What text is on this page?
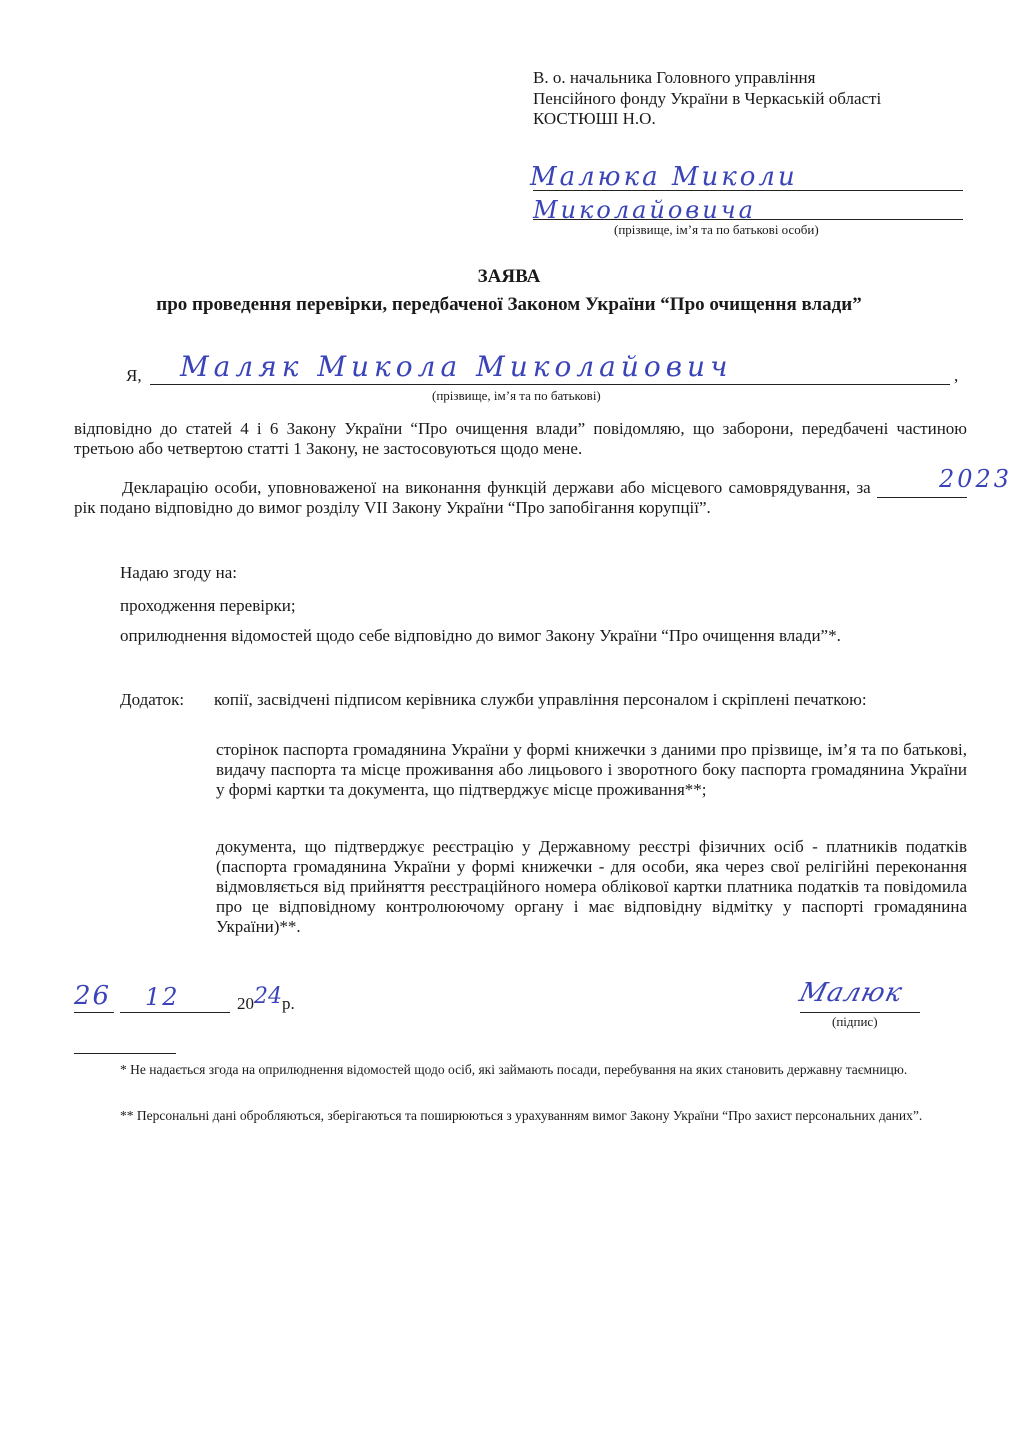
В. о. начальника Головного управління
Пенсійного фонду України в Черкаській області
КОСТЮШІ Н.О.
Малюка Миколи
Миколайовича
(прізвище, ім’я та по батькові особи)
ЗАЯВА
про проведення перевірки, передбаченої Законом України “Про очищення влади”
Я, Маляк Микола Миколайович	,
(прізвище, ім’я та по батькові)
відповідно до статей 4 і 6 Закону України “Про очищення влади” повідомляю, що заборони, передбачені частиною третьою або четвертою статті 1 Закону, не застосовуються щодо мене.
Декларацію особи, уповноваженої на виконання функцій держави або місцевого самоврядування, за	2023
рік подано відповідно до вимог розділу VII Закону України “Про запобігання корупції”.
Надаю згоду на:
проходження перевірки;
оприлюднення відомостей щодо себе відповідно до вимог Закону України “Про очищення влади”*.
Додаток: копії, засвідчені підписом керівника служби управління персоналом і скріплені печаткою:
сторінок паспорта громадянина України у формі книжечки з даними про прізвище, ім’я та по батькові, видачу паспорта та місце проживання або лицьового і зворотного боку паспорта громадянина України у формі картки та документа, що підтверджує місце проживання**;
документа, що підтверджує реєстрацію у Державному реєстрі фізичних осіб - платників податків (паспорта громадянина України у формі книжечки - для особи, яка через свої релігійні переконання відмовляється від прийняття реєстраційного номера облікової картки платника податків та повідомила про це відповідному контролюючому органу і має відповідну відмітку у паспорті громадянина України)**.
26 12	20 24 р.	Малюк
(підпис)
* Не надається згода на оприлюднення відомостей щодо осіб, які займають посади, перебування на яких становить державну таємницю.
** Персональні дані обробляються, зберігаються та поширюються з урахуванням вимог Закону України “Про захист персональних даних”.
